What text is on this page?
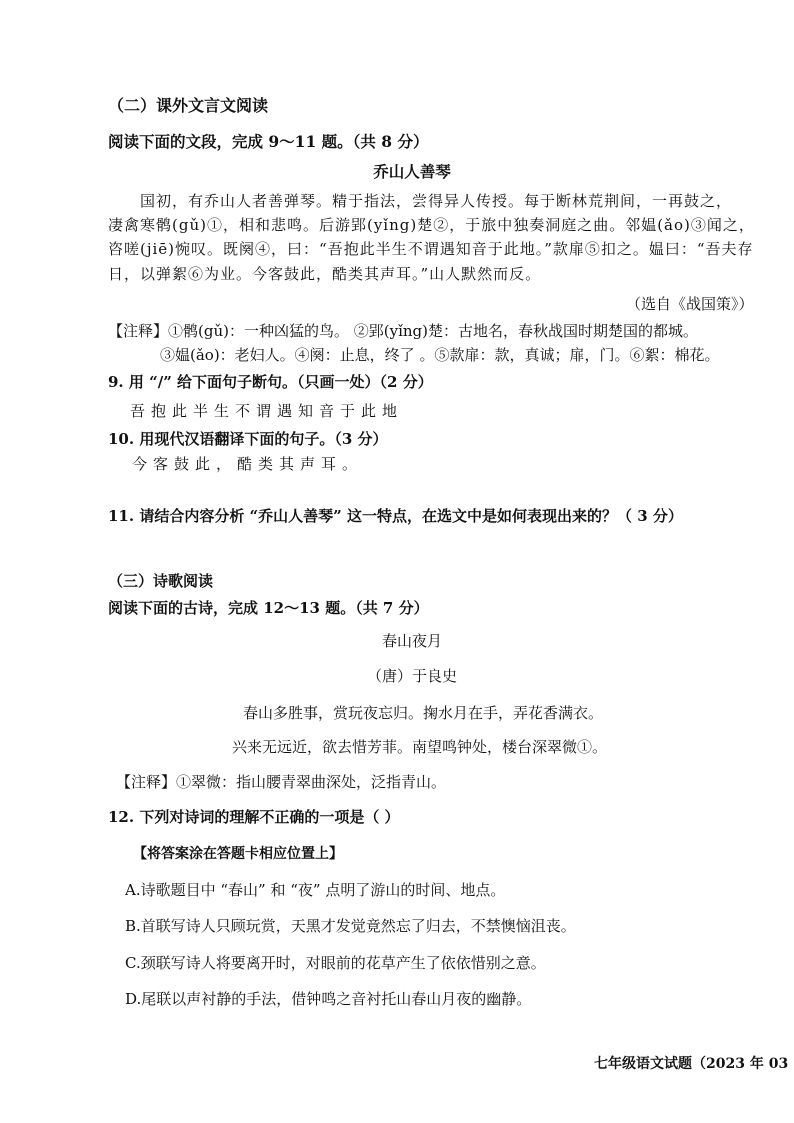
（二）课外文言文阅读
阅读下面的文段，完成 9～11 题。（共 8 分）
乔山人善琴
国初，有乔山人者善弹琴。精于指法，尝得异人传授。每于断林荒荆间，一再鼓之，
凄禽寒鹘(gǔ)①，相和悲鸣。后游郢(yǐng)楚②，于旅中独奏洞庭之曲。邻媪(ǎo)③闻之，
咨嗟(jiē)惋叹。既阕④，曰：“吾抱此半生不谓遇知音于此地。”款扉⑤扣之。媪曰：“吾夫存
日，以弹絮⑥为业。今客鼓此，酷类其声耳。”山人默然而反。
（选自《战国策》）
【注释】①鹘(gǔ)：一种凶猛的鸟。 ②郢(yǐng)楚：古地名，春秋战国时期楚国的都城。
③媪(ǎo)：老妇人。④阕：止息，终了 。⑤款扉：款，真诚；扉，门。⑥絮：棉花。
9. 用 “/” 给下面句子断句。（只画一处）（2 分）
吾抱此半生不谓遇知音于此地
10. 用现代汉语翻译下面的句子。（3 分）
今客鼓此，酷类其声耳。
11. 请结合内容分析 “乔山人善琴” 这一特点，在选文中是如何表现出来的？（ 3 分）
（三）诗歌阅读
阅读下面的古诗，完成 12～13 题。（共 7 分）
春山夜月
（唐）于良史
春山多胜事，赏玩夜忘归。掬水月在手，弄花香满衣。
兴来无远近，欲去惜芳菲。南望鸣钟处，楼台深翠微①。
【注释】①翠微：指山腰青翠曲深处，泛指青山。
12. 下列对诗词的理解不正确的一项是（ ）
【将答案涂在答题卡相应位置上】
A.诗歌题目中 “春山” 和 “夜” 点明了游山的时间、地点。
B.首联写诗人只顾玩赏，天黑才发觉竟然忘了归去，不禁懊恼沮丧。
C.颈联写诗人将要离开时，对眼前的花草产生了依依惜别之意。
D.尾联以声衬静的手法，借钟鸣之音衬托山春山月夜的幽静。
七年级语文试题（2023 年 03
